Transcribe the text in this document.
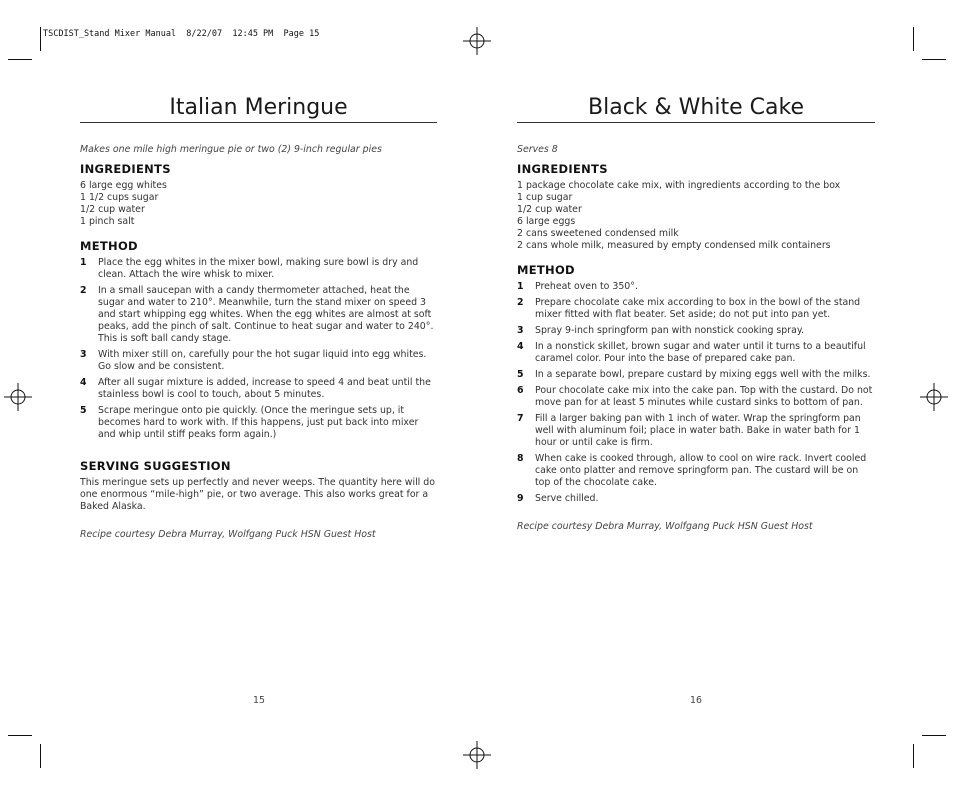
TSCDIST_Stand Mixer Manual  8/22/07  12:45 PM  Page 15
Italian Meringue

Makes one mile high meringue pie or two (2) 9-inch regular pies

INGREDIENTS
6 large egg whites
1 1/2 cups sugar
1/2 cup water
1 pinch salt
METHOD
1	Place the egg whites in the mixer bowl, making sure bowl is dry and clean. Attach the wire whisk to mixer.
2	In a small saucepan with a candy thermometer attached, heat the sugar and water to 210°. Meanwhile, turn the stand mixer on speed 3 and start whipping egg whites. When the egg whites are almost at soft peaks, add the pinch of salt. Continue to heat sugar and water to 240°. This is soft ball candy stage.
3	With mixer still on, carefully pour the hot sugar liquid into egg whites. Go slow and be consistent.
4	After all sugar mixture is added, increase to speed 4 and beat until the stainless bowl is cool to touch, about 5 minutes.
5	Scrape meringue onto pie quickly. (Once the meringue sets up, it becomes hard to work with. If this happens, just put back into mixer and whip until stiff peaks form again.)
SERVING SUGGESTION

This meringue sets up perfectly and never weeps. The quantity here will do one enormous “mile-high” pie, or two average. This also works great for a Baked Alaska.

Recipe courtesy Debra Murray, Wolfgang Puck HSN Guest Host

15
Black & White Cake

Serves 8

INGREDIENTS
1 package chocolate cake mix, with ingredients according to the box
1 cup sugar
1/2 cup water
6 large eggs
2 cans sweetened condensed milk
2 cans whole milk, measured by empty condensed milk containers
METHOD
1	Preheat oven to 350°.
2	Prepare chocolate cake mix according to box in the bowl of the stand mixer fitted with flat beater. Set aside; do not put into pan yet.
3	Spray 9-inch springform pan with nonstick cooking spray.
4	In a nonstick skillet, brown sugar and water until it turns to a beautiful caramel color. Pour into the base of prepared cake pan.
5	In a separate bowl, prepare custard by mixing eggs well with the milks.
6	Pour chocolate cake mix into the cake pan. Top with the custard. Do not move pan for at least 5 minutes while custard sinks to bottom of pan.
7	Fill a larger baking pan with 1 inch of water. Wrap the springform pan well with aluminum foil; place in water bath. Bake in water bath for 1 hour or until cake is firm.
8	When cake is cooked through, allow to cool on wire rack. Invert cooled cake onto platter and remove springform pan. The custard will be on top of the chocolate cake.
9	Serve chilled.

Recipe courtesy Debra Murray, Wolfgang Puck HSN Guest Host

16
